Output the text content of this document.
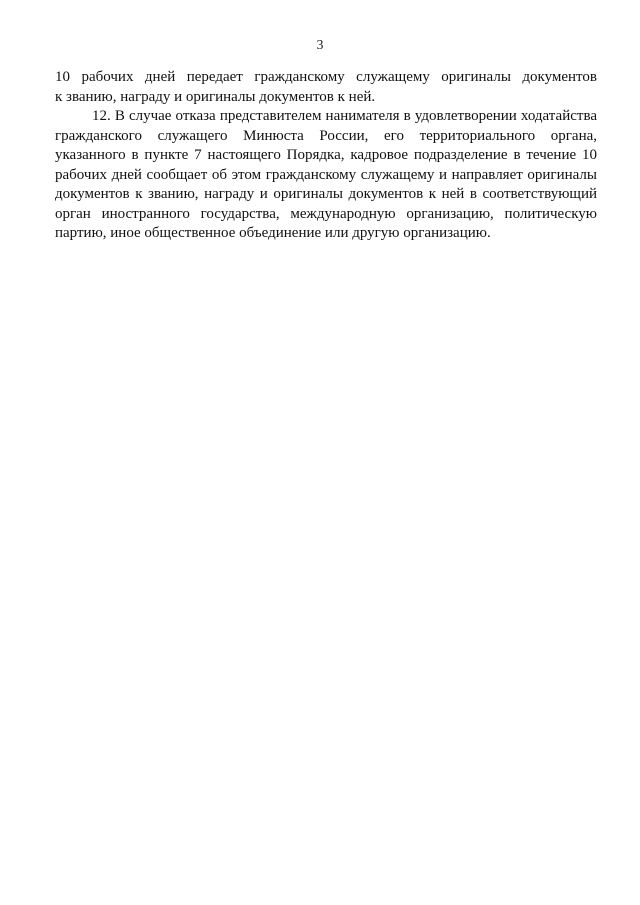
3
10 рабочих дней передает гражданскому служащему оригиналы документов
к званию, награду и оригиналы документов к ней.
12. В случае отказа представителем нанимателя в удовлетворении ходатайства
гражданского служащего Минюста России, его территориального органа,
указанного в пункте 7 настоящего Порядка, кадровое подразделение в течение 10
рабочих дней сообщает об этом гражданскому служащему и направляет оригиналы
документов к званию, награду и оригиналы документов к ней в соответствующий
орган иностранного государства, международную организацию, политическую
партию, иное общественное объединение или другую организацию.
